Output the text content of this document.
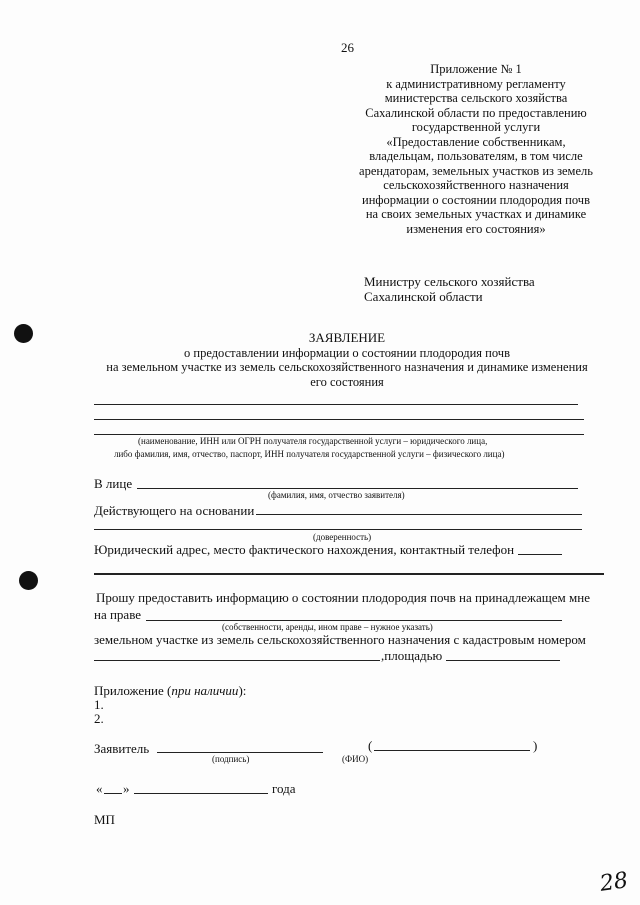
26
Приложение № 1
к административному регламенту
министерства сельского хозяйства
Сахалинской области по предоставлению
государственной услуги
«Предоставление собственникам,
владельцам, пользователям, в том числе
арендаторам, земельных участков из земель
сельскохозяйственного назначения
информации о состоянии плодородия почв
на своих земельных участках и динамике
изменения его состояния»
Министру сельского хозяйства
Сахалинской области
ЗАЯВЛЕНИЕ
о предоставлении информации о состоянии плодородия почв
на земельном участке из земель сельскохозяйственного назначения и динамике изменения
его состояния
(наименование, ИНН или ОГРН получателя государственной услуги – юридического лица,
либо фамилия, имя, отчество, паспорт, ИНН получателя государственной услуги – физического лица)
В лице
(фамилия, имя, отчество заявителя)
Действующего на основании
(доверенность)
Юридический адрес, место фактического нахождения, контактный телефон
Прошу предоставить информацию о состоянии плодородия почв на принадлежащем мне
на праве
(собственности, аренды, ином праве – нужное указать)
земельном участке из земель сельскохозяйственного назначения с кадастровым номером
,площадью
Приложение (при наличии):
1.
2.
Заявитель
(подпись)
(	)
(ФИО)
« »	года
МП
28
